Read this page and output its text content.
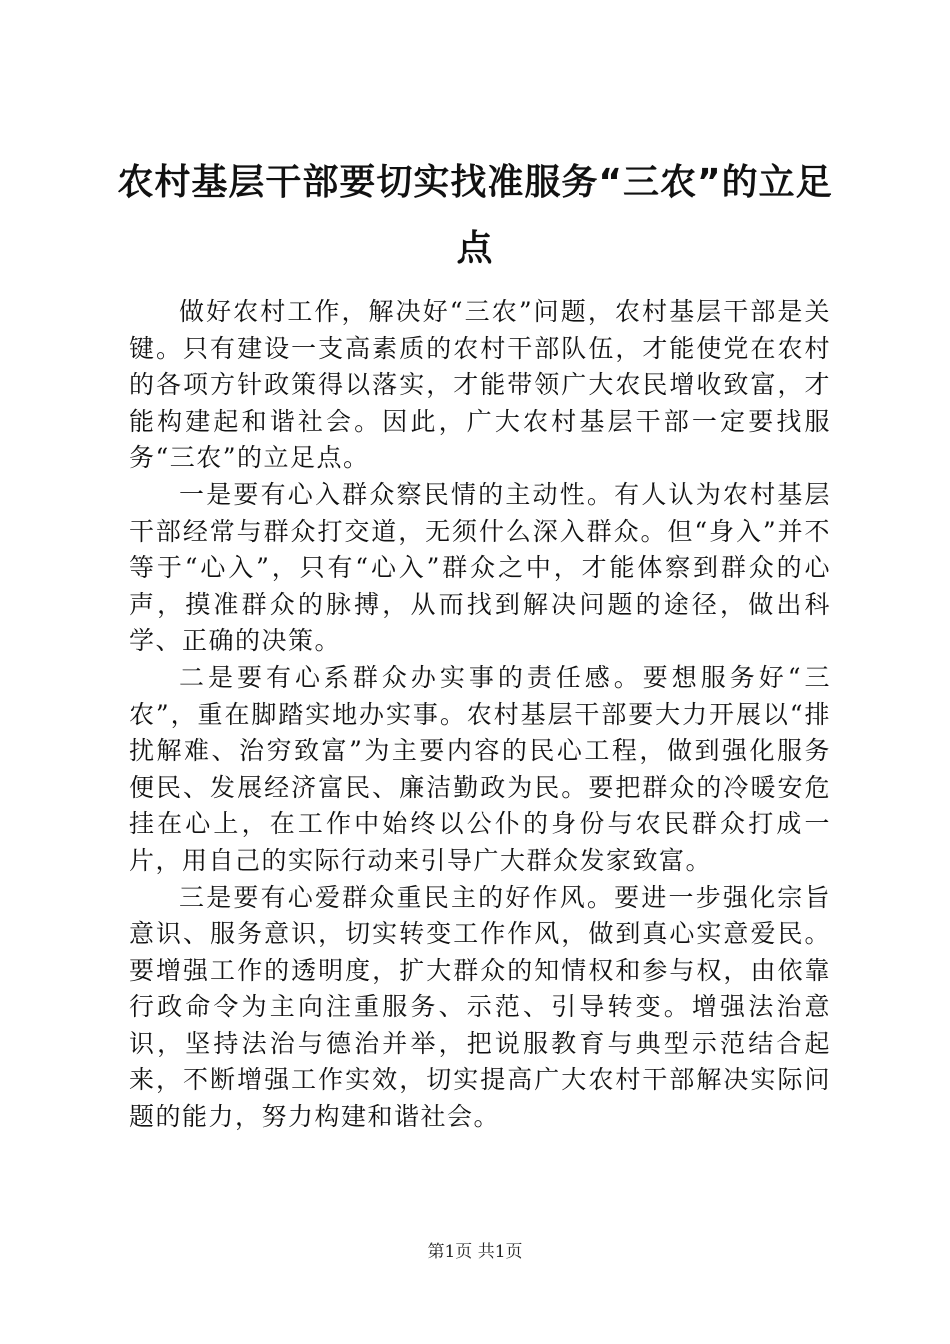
农村基层干部要切实找准服务“三农”的立足点

做好农村工作，解决好“三农”问题，农村基层干部是关键。只有建设一支高素质的农村干部队伍，才能使党在农村的各项方针政策得以落实，才能带领广大农民增收致富，才能构建起和谐社会。因此，广大农村基层干部一定要找服务“三农”的立足点。

一是要有心入群众察民情的主动性。有人认为农村基层干部经常与群众打交道，无须什么深入群众。但“身入”并不等于“心入”，只有“心入”群众之中，才能体察到群众的心声，摸准群众的脉搏，从而找到解决问题的途径，做出科学、正确的决策。

二是要有心系群众办实事的责任感。要想服务好“三农”，重在脚踏实地办实事。农村基层干部要大力开展以“排扰解难、治穷致富”为主要内容的民心工程，做到强化服务便民、发展经济富民、廉洁勤政为民。要把群众的冷暖安危挂在心上，在工作中始终以公仆的身份与农民群众打成一片，用自己的实际行动来引导广大群众发家致富。

三是要有心爱群众重民主的好作风。要进一步强化宗旨意识、服务意识，切实转变工作作风，做到真心实意爱民。要增强工作的透明度，扩大群众的知情权和参与权，由依靠行政命令为主向注重服务、示范、引导转变。增强法治意识，坚持法治与德治并举，把说服教育与典型示范结合起来，不断增强工作实效，切实提高广大农村干部解决实际问题的能力，努力构建和谐社会。

第1页 共1页
